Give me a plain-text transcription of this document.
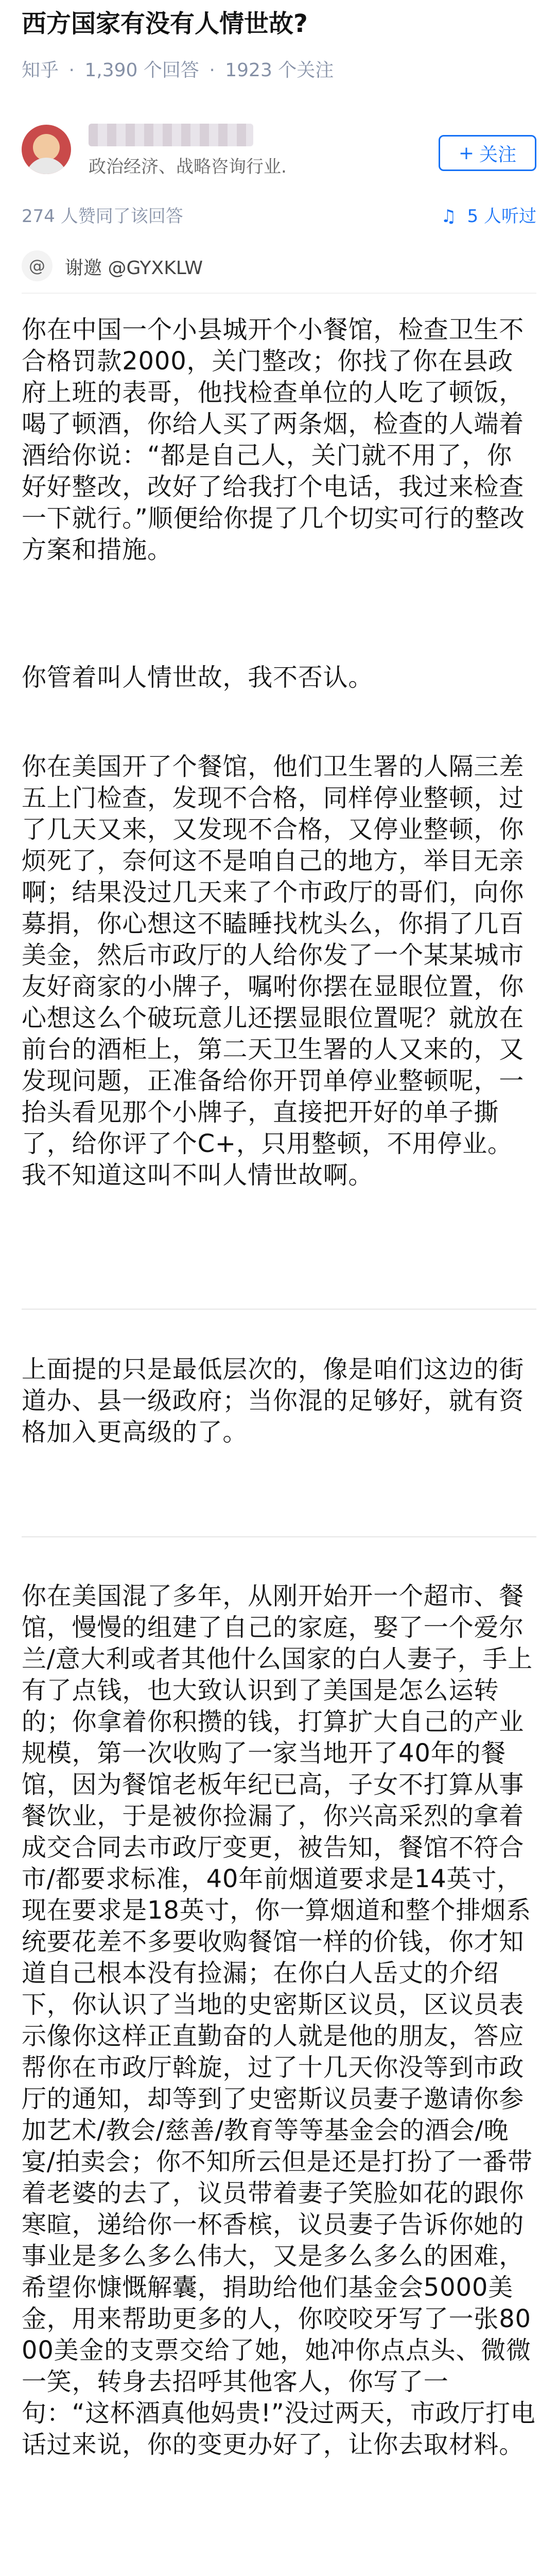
西方国家有没有人情世故?
知乎 · 1,390 个回答 · 1923 个关注
政治经济、战略咨询行业.
+ 关注
274 人赞同了该回答	♫ 5 人听过
@	谢邀 @GYXKLW

你在中国一个小县城开个小餐馆，检查卫生不合格罚款2000，关门整改；你找了你在县政府上班的表哥，他找检查单位的人吃了顿饭，喝了顿酒，你给人买了两条烟，检查的人端着酒给你说：“都是自己人，关门就不用了，你好好整改，改好了给我打个电话，我过来检查一下就行。”顺便给你提了几个切实可行的整改方案和措施。

你管着叫人情世故，我不否认。

你在美国开了个餐馆，他们卫生署的人隔三差五上门检查，发现不合格，同样停业整顿，过了几天又来，又发现不合格，又停业整顿，你烦死了，奈何这不是咱自己的地方，举目无亲啊；结果没过几天来了个市政厅的哥们，向你募捐，你心想这不瞌睡找枕头么，你捐了几百美金，然后市政厅的人给你发了一个某某城市友好商家的小牌子，嘱咐你摆在显眼位置，你心想这么个破玩意儿还摆显眼位置呢？就放在前台的酒柜上，第二天卫生署的人又来的，又发现问题，正准备给你开罚单停业整顿呢，一抬头看见那个小牌子，直接把开好的单子撕了，给你评了个C+，只用整顿，不用停业。我不知道这叫不叫人情世故啊。

上面提的只是最低层次的，像是咱们这边的街道办、县一级政府；当你混的足够好，就有资格加入更高级的了。

你在美国混了多年，从刚开始开一个超市、餐馆，慢慢的组建了自己的家庭，娶了一个爱尔兰/意大利或者其他什么国家的白人妻子，手上有了点钱，也大致认识到了美国是怎么运转的；你拿着你积攒的钱，打算扩大自己的产业规模，第一次收购了一家当地开了40年的餐馆，因为餐馆老板年纪已高，子女不打算从事餐饮业，于是被你捡漏了，你兴高采烈的拿着成交合同去市政厅变更，被告知，餐馆不符合市/都要求标准，40年前烟道要求是14英寸，现在要求是18英寸，你一算烟道和整个排烟系统要花差不多要收购餐馆一样的价钱，你才知道自己根本没有捡漏；在你白人岳丈的介绍下，你认识了当地的史密斯区议员，区议员表示像你这样正直勤奋的人就是他的朋友，答应帮你在市政厅斡旋，过了十几天你没等到市政厅的通知，却等到了史密斯议员妻子邀请你参加艺术/教会/慈善/教育等等基金会的酒会/晚宴/拍卖会；你不知所云但是还是打扮了一番带着老婆的去了，议员带着妻子笑脸如花的跟你寒暄，递给你一杯香槟，议员妻子告诉你她的事业是多么多么伟大，又是多么多么的困难，希望你慷慨解囊，捐助给他们基金会5000美金，用来帮助更多的人，你咬咬牙写了一张8000美金的支票交给了她，她冲你点点头、微微一笑，转身去招呼其他客人，你写了一句：“这杯酒真他妈贵!”没过两天，市政厅打电话过来说，你的变更办好了，让你去取材料。
